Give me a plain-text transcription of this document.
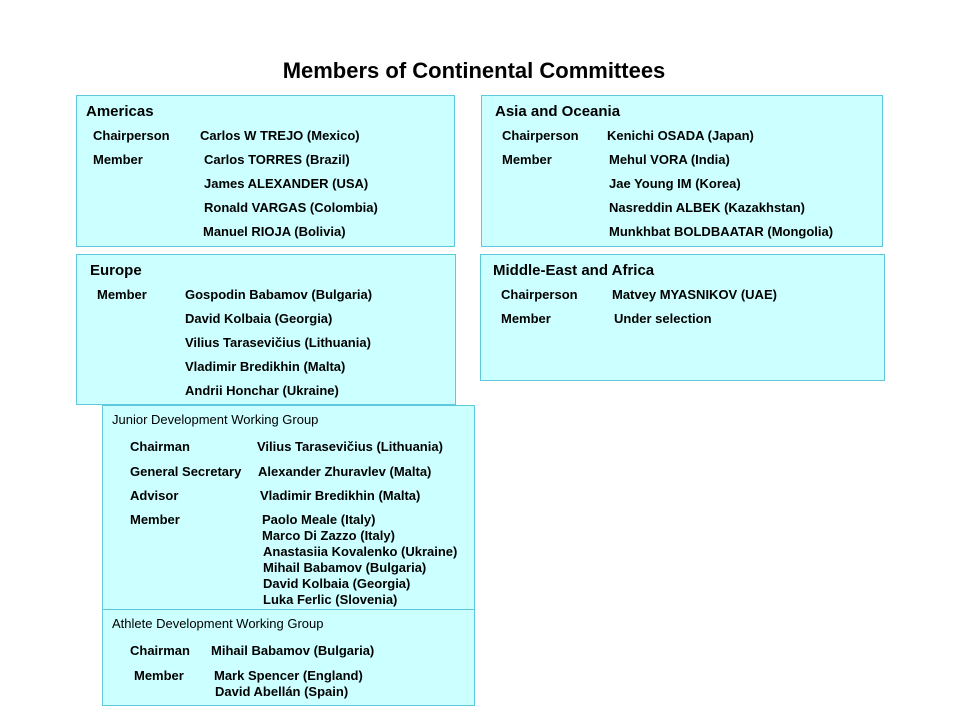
Members of Continental Committees
Americas
Chairperson Carlos W TREJO (Mexico)
Member	Carlos TORRES (Brazil)
James ALEXANDER (USA)
Ronald VARGAS (Colombia)
Manuel RIOJA (Bolivia)
Asia and Oceania
Chairperson Kenichi OSADA (Japan)
Member	Mehul VORA (India)
Jae Young IM (Korea)
Nasreddin ALBEK (Kazakhstan)
Munkhbat BOLDBAATAR (Mongolia)
Europe
Member	Gospodin Babamov (Bulgaria)
David Kolbaia (Georgia)
Vilius Tarasevičius (Lithuania)
Vladimir Bredikhin (Malta)
Andrii Honchar (Ukraine)
Middle-East and Africa
Chairperson	Matvey MYASNIKOV (UAE)
Member	Under selection
Junior Development Working Group
Chairman	Vilius Tarasevičius (Lithuania)
General Secretary Alexander Zhuravlev (Malta)
Advisor	Vladimir Bredikhin (Malta)
Member	Paolo Meale (Italy)
Marco Di Zazzo (Italy)
Anastasiia Kovalenko (Ukraine)
Mihail Babamov (Bulgaria)
David Kolbaia (Georgia)
Luka Ferlic (Slovenia)
Athlete Development Working Group
Chairman Mihail Babamov (Bulgaria)
Member Mark Spencer (England)
David Abellán (Spain)
